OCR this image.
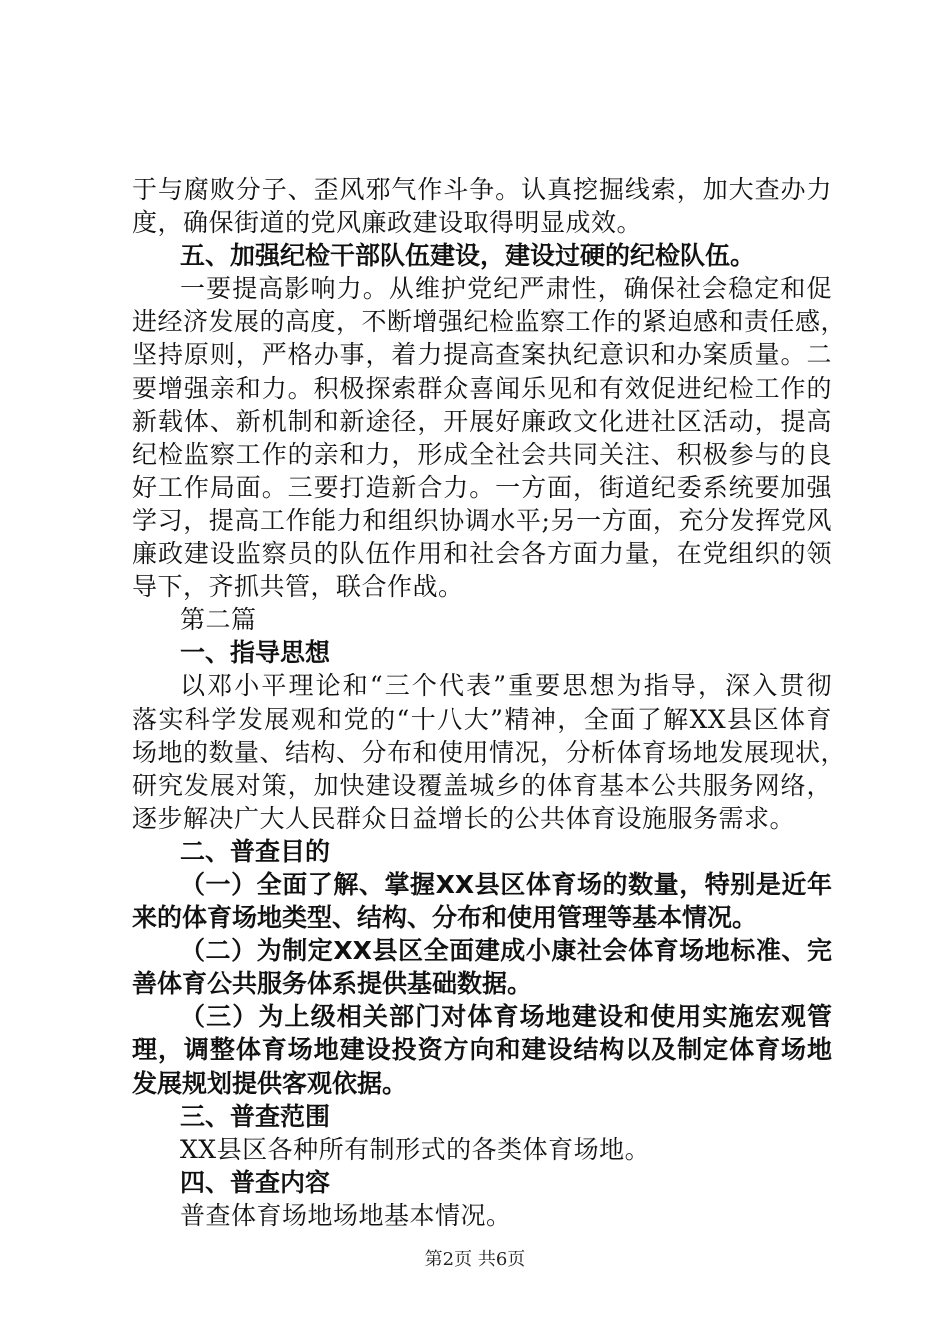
于与腐败分子、歪风邪气作斗争。认真挖掘线索，加大查办力
度，确保街道的党风廉政建设取得明显成效。
五、加强纪检干部队伍建设，建设过硬的纪检队伍。
一要提高影响力。从维护党纪严肃性，确保社会稳定和促
进经济发展的高度，不断增强纪检监察工作的紧迫感和责任感，
坚持原则，严格办事，着力提高查案执纪意识和办案质量。二
要增强亲和力。积极探索群众喜闻乐见和有效促进纪检工作的
新载体、新机制和新途径，开展好廉政文化进社区活动，提高
纪检监察工作的亲和力，形成全社会共同关注、积极参与的良
好工作局面。三要打造新合力。一方面，街道纪委系统要加强
学习，提高工作能力和组织协调水平;另一方面，充分发挥党风
廉政建设监察员的队伍作用和社会各方面力量，在党组织的领
导下，齐抓共管，联合作战。
第二篇
一、指导思想
以邓小平理论和“三个代表”重要思想为指导，深入贯彻
落实科学发展观和党的“十八大”精神，全面了解XX县区体育
场地的数量、结构、分布和使用情况，分析体育场地发展现状，
研究发展对策，加快建设覆盖城乡的体育基本公共服务网络，
逐步解决广大人民群众日益增长的公共体育设施服务需求。
二、普查目的
（一）全面了解、掌握XX县区体育场的数量，特别是近年
来的体育场地类型、结构、分布和使用管理等基本情况。
（二）为制定XX县区全面建成小康社会体育场地标准、完
善体育公共服务体系提供基础数据。
（三）为上级相关部门对体育场地建设和使用实施宏观管
理，调整体育场地建设投资方向和建设结构以及制定体育场地
发展规划提供客观依据。
三、普查范围
XX县区各种所有制形式的各类体育场地。
四、普查内容
普查体育场地场地基本情况。
第2页 共6页
